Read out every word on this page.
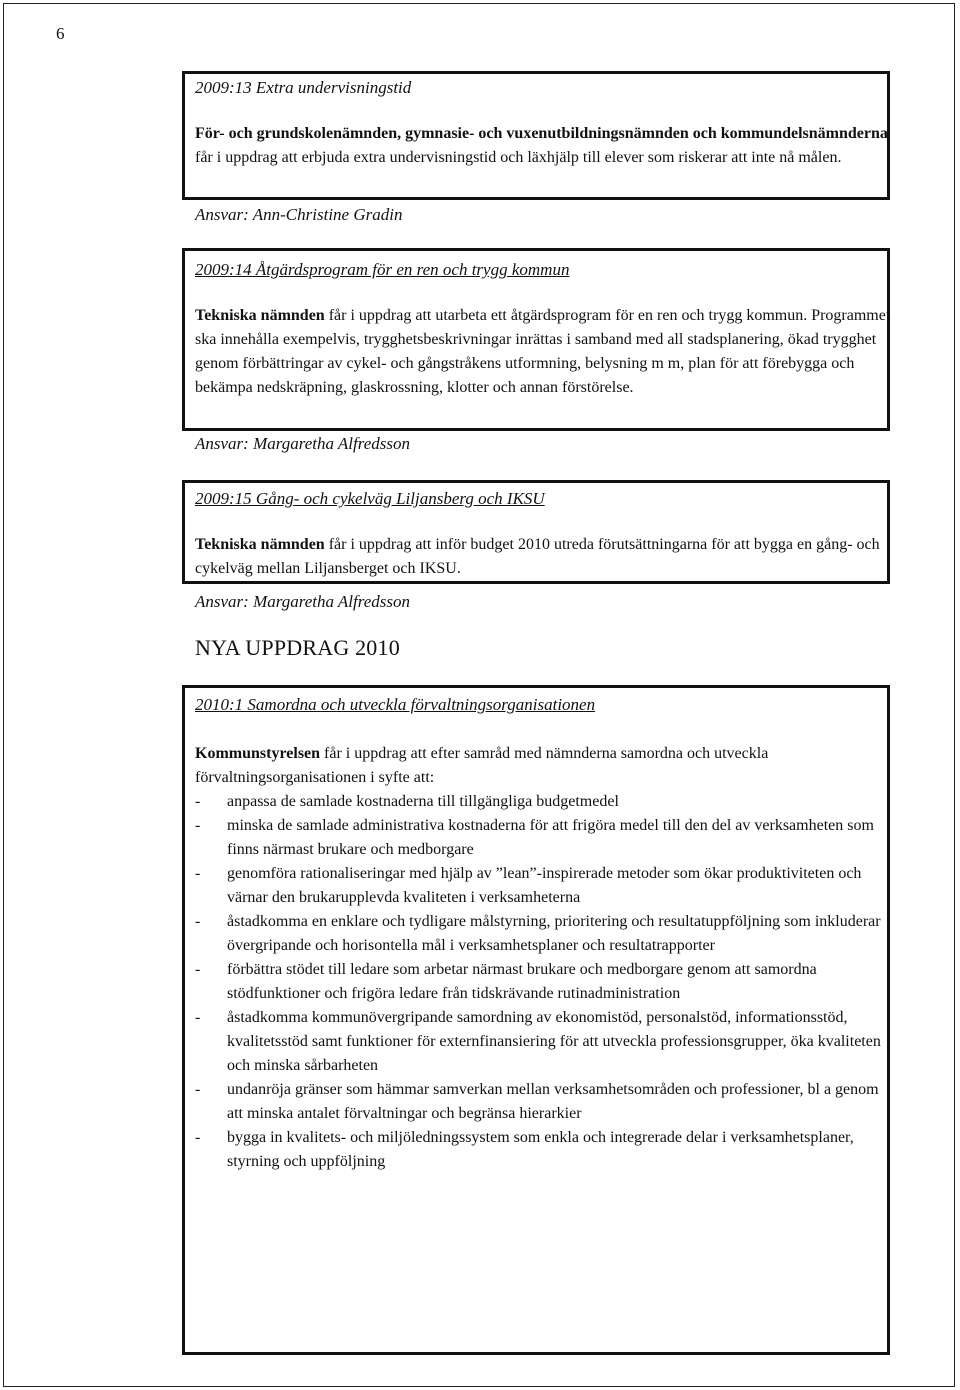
6

2009:13 Extra undervisningstid

För- och grundskolenämnden, gymnasie- och vuxenutbildningsnämnden och kommundelsnämnderna får i uppdrag att erbjuda extra undervisningstid och läxhjälp till elever som riskerar att inte nå målen.

Ansvar: Ann-Christine Gradin

2009:14 Åtgärdsprogram för en ren och trygg kommun

Tekniska nämnden får i uppdrag att utarbeta ett åtgärdsprogram för en ren och trygg kommun. Programmet ska innehålla exempelvis, trygghetsbeskrivningar inrättas i samband med all stadsplanering, ökad trygghet genom förbättringar av cykel- och gångstråkens utformning, belysning m m, plan för att förebygga och bekämpa nedskräpning, glaskrossning, klotter och annan förstörelse.

Ansvar: Margaretha Alfredsson

2009:15 Gång- och cykelväg Liljansberg och IKSU

Tekniska nämnden får i uppdrag att inför budget 2010 utreda förutsättningarna för att bygga en gång- och cykelväg mellan Liljansberget och IKSU.

Ansvar: Margaretha Alfredsson
NYA UPPDRAG 2010

2010:1 Samordna och utveckla förvaltningsorganisationen

Kommunstyrelsen får i uppdrag att efter samråd med nämnderna samordna och utveckla förvaltningsorganisationen i syfte att:

- anpassa de samlade kostnaderna till tillgängliga budgetmedel
- minska de samlade administrativa kostnaderna för att frigöra medel till den del av verksamheten som finns närmast brukare och medborgare
- genomföra rationaliseringar med hjälp av ”lean”-inspirerade metoder som ökar produktiviteten och värnar den brukarupplevda kvaliteten i verksamheterna
- åstadkomma en enklare och tydligare målstyrning, prioritering och resultatuppföljning som inkluderar övergripande och horisontella mål i verksamhetsplaner och resultatrapporter
- förbättra stödet till ledare som arbetar närmast brukare och medborgare genom att samordna stödfunktioner och frigöra ledare från tidskrävande rutinadministration
- åstadkomma kommunövergripande samordning av ekonomistöd, personalstöd, informationsstöd, kvalitetsstöd samt funktioner för externfinansiering för att utveckla professionsgrupper, öka kvaliteten och minska sårbarheten
- undanröja gränser som hämmar samverkan mellan verksamhetsområden och professioner, bl a genom att minska antalet förvaltningar och begränsa hierarkier
- bygga in kvalitets- och miljöledningssystem som enkla och integrerade delar i verksamhetsplaner, styrning och uppföljning
